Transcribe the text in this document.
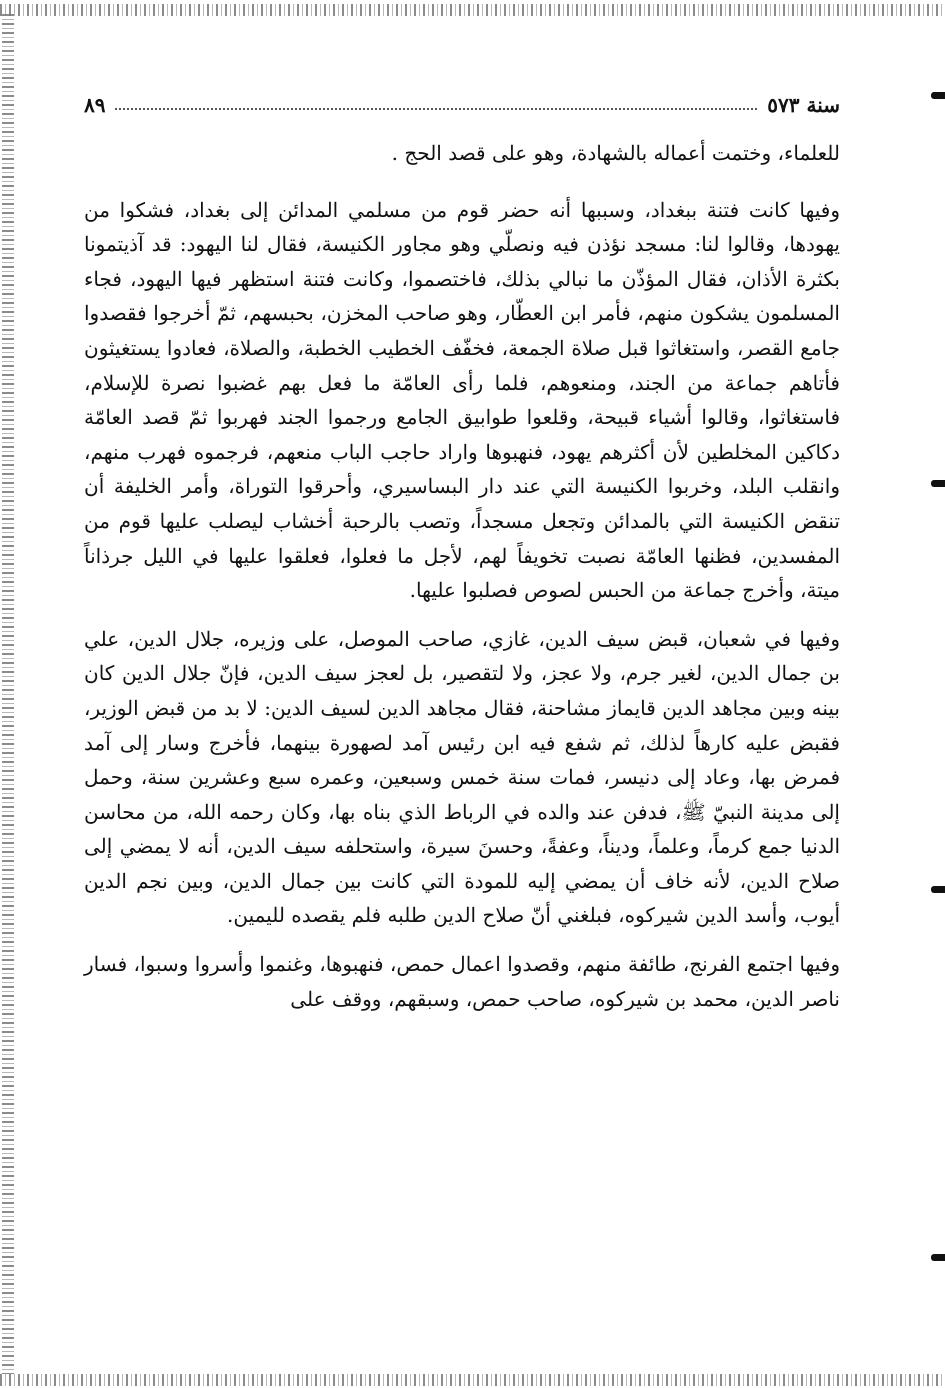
سنة ٥٧٣
٨٩

للعلماء، وختمت أعماله بالشهادة، وهو على قصد الحج .

وفيها كانت فتنة ببغداد، وسببها أنه حضر قوم من مسلمي المدائن إلى بغداد، فشكوا من يهودها، وقالوا لنا: مسجد نؤذن فيه ونصلّي وهو مجاور الكنيسة، فقال لنا اليهود: قد آذيتمونا بكثرة الأذان، فقال المؤذّن ما نبالي بذلك، فاختصموا، وكانت فتنة استظهر فيها اليهود، فجاء المسلمون يشكون منهم، فأمر ابن العطّار، وهو صاحب المخزن، بحبسهم، ثمّ أخرجوا فقصدوا جامع القصر، واستغاثوا قبل صلاة الجمعة، فخفّف الخطيب الخطبة، والصلاة، فعادوا يستغيثون فأتاهم جماعة من الجند، ومنعوهم، فلما رأى العامّة ما فعل بهم غضبوا نصرة للإسلام، فاستغاثوا، وقالوا أشياء قبيحة، وقلعوا طوابيق الجامع ورجموا الجند فهربوا ثمّ قصد العامّة دكاكين المخلطين لأن أكثرهم يهود، فنهبوها واراد حاجب الباب منعهم، فرجموه فهرب منهم، وانقلب البلد، وخربوا الكنيسة التي عند دار البساسيري، وأحرقوا التوراة، وأمر الخليفة أن تنقض الكنيسة التي بالمدائن وتجعل مسجداً، وتصب بالرحبة أخشاب ليصلب عليها قوم من المفسدين، فظنها العامّة نصبت تخويفاً لهم، لأجل ما فعلوا، فعلقوا عليها في الليل جرذاناً ميتة، وأخرج جماعة من الحبس لصوص فصلبوا عليها.

وفيها في شعبان، قبض سيف الدين، غازي، صاحب الموصل، على وزيره، جلال الدين، علي بن جمال الدين، لغير جرم، ولا عجز، ولا لتقصير، بل لعجز سيف الدين، فإنّ جلال الدين كان بينه وبين مجاهد الدين قايماز مشاحنة، فقال مجاهد الدين لسيف الدين: لا بد من قبض الوزير، فقبض عليه كارهاً لذلك، ثم شفع فيه ابن رئيس آمد لصهورة بينهما، فأخرج وسار إلى آمد فمرض بها، وعاد إلى دنيسر، فمات سنة خمس وسبعين، وعمره سبع وعشرين سنة، وحمل إلى مدينة النبيّ ﷺ، فدفن عند والده في الرباط الذي بناه بها، وكان رحمه الله، من محاسن الدنيا جمع كرماً، وعلماً، وديناً، وعفةً، وحسنَ سيرة، واستحلفه سيف الدين، أنه لا يمضي إلى صلاح الدين، لأنه خاف أن يمضي إليه للمودة التي كانت بين جمال الدين، وبين نجم الدين أيوب، وأسد الدين شيركوه، فبلغني أنّ صلاح الدين طلبه فلم يقصده لليمين.

وفيها اجتمع الفرنج، طائفة منهم، وقصدوا اعمال حمص، فنهبوها، وغنموا وأسروا وسبوا، فسار ناصر الدين، محمد بن شيركوه، صاحب حمص، وسبقهم، ووقف على
